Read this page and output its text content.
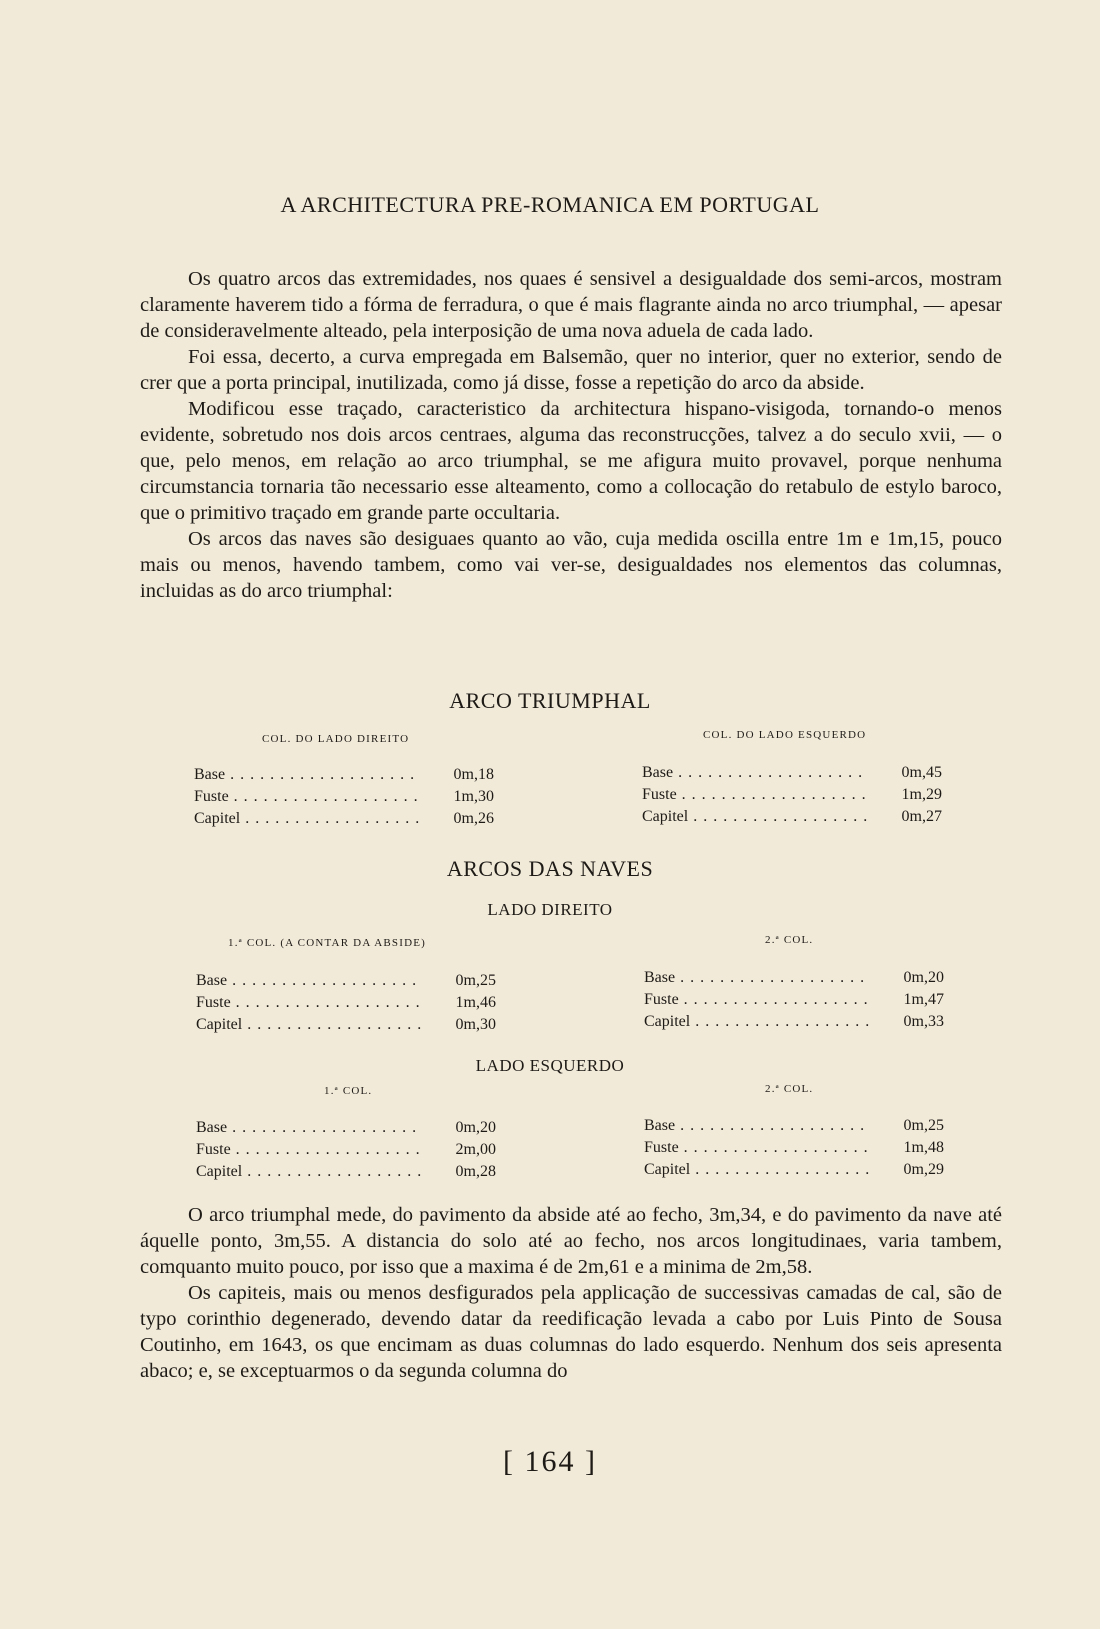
A ARCHITECTURA PRE-ROMANICA EM PORTUGAL

Os quatro arcos das extremidades, nos quaes é sensivel a desigualdade dos semi-arcos, mostram claramente haverem tido a fórma de ferradura, o que é mais flagrante ainda no arco triumphal, — apesar de consideravelmente alteado, pela interposição de uma nova aduela de cada lado.

Foi essa, decerto, a curva empregada em Balsemão, quer no interior, quer no exterior, sendo de crer que a porta principal, inutilizada, como já disse, fosse a repetição do arco da abside.

Modificou esse traçado, caracteristico da architectura hispano-visigoda, tornando-o menos evidente, sobretudo nos dois arcos centraes, alguma das reconstrucções, talvez a do seculo xvii, — o que, pelo menos, em relação ao arco triumphal, se me afigura muito provavel, porque nenhuma circumstancia tornaria tão necessario esse alteamento, como a collocação do retabulo de estylo baroco, que o primitivo traçado em grande parte occultaria.

Os arcos das naves são desiguaes quanto ao vão, cuja medida oscilla entre 1m e 1m,15, pouco mais ou menos, havendo tambem, como vai ver-se, desigualdades nos elementos das columnas, incluidas as do arco triumphal:

ARCO TRIUMPHAL
COL. DO LADO DIREITO	COL. DO LADO ESQUERDO
Base . . .	0m,18
Fuste . . .	1m,30
Capitel . . .	0m,26
Base . . .	0m,45
Fuste . . .	1m,29
Capitel . . .	0m,27
ARCOS DAS NAVES
LADO DIREITO
1.ª COL. (A CONTAR DA ABSIDE)	2.ª COL.
Base . . .	0m,25
Fuste . . .	1m,46
Capitel . . .	0m,30
Base . . .	0m,20
Fuste . . .	1m,47
Capitel . . .	0m,33
LADO ESQUERDO
1.ª COL.	2.ª COL.
Base . . .	0m,20
Fuste . . .	2m,00
Capitel . . .	0m,28
Base . . .	0m,25
Fuste . . .	1m,48
Capitel . . .	0m,29

O arco triumphal mede, do pavimento da abside até ao fecho, 3m,34, e do pavimento da nave até áquelle ponto, 3m,55. A distancia do solo até ao fecho, nos arcos longitudinaes, varia tambem, comquanto muito pouco, por isso que a maxima é de 2m,61 e a minima de 2m,58.

Os capiteis, mais ou menos desfigurados pela applicação de successivas camadas de cal, são de typo corinthio degenerado, devendo datar da reedificação levada a cabo por Luis Pinto de Sousa Coutinho, em 1643, os que encimam as duas columnas do lado esquerdo. Nenhum dos seis apresenta abaco; e, se exceptuarmos o da segunda columna do

[ 164 ]
